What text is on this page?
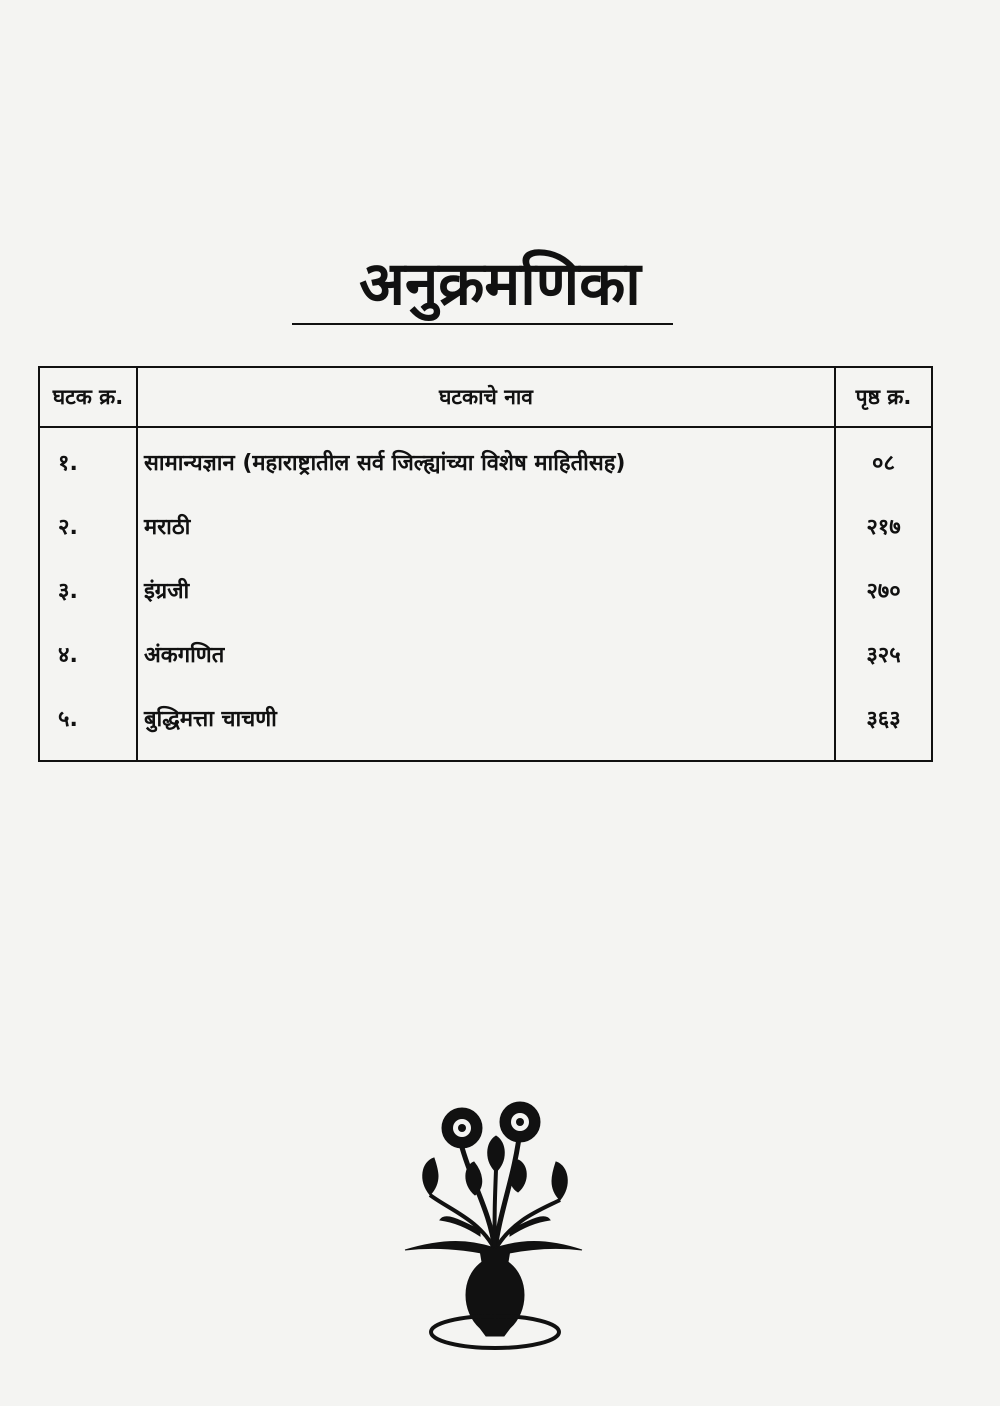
अनुक्रमणिका
घटक क्र.	घटकाचे नाव	पृष्ठ क्र.
१.	सामान्यज्ञान (महाराष्ट्रातील सर्व जिल्ह्यांच्या विशेष माहितीसह)	०८
२.	मराठी	२१७
३.	इंग्रजी	२७०
४.	अंकगणित	३२५
५.	बुद्धिमत्ता चाचणी	३६३
